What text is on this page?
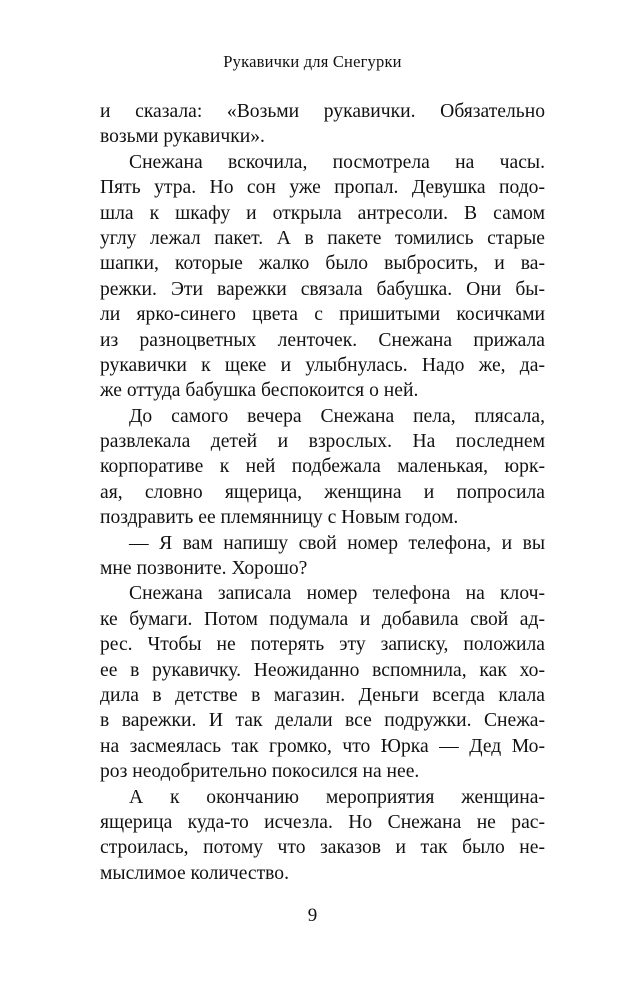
Рукавички для Снегурки
и сказала: «Возьми рукавички. Обязательно
возьми рукавички».
Снежана вскочила, посмотрела на часы.
Пять утра. Но сон уже пропал. Девушка подо-
шла к шкафу и открыла антресоли. В самом
углу лежал пакет. А в пакете томились старые
шапки, которые жалко было выбросить, и ва-
режки. Эти варежки связала бабушка. Они бы-
ли ярко-синего цвета с пришитыми косичками
из разноцветных ленточек. Снежана прижала
рукавички к щеке и улыбнулась. Надо же, да-
же оттуда бабушка беспокоится о ней.
До самого вечера Снежана пела, плясала,
развлекала детей и взрослых. На последнем
корпоративе к ней подбежала маленькая, юрк-
ая, словно ящерица, женщина и попросила
поздравить ее племянницу с Новым годом.
— Я вам напишу свой номер телефона, и вы
мне позвоните. Хорошо?
Снежана записала номер телефона на клоч-
ке бумаги. Потом подумала и добавила свой ад-
рес. Чтобы не потерять эту записку, положила
ее в рукавичку. Неожиданно вспомнила, как хо-
дила в детстве в магазин. Деньги всегда клала
в варежки. И так делали все подружки. Снежа-
на засмеялась так громко, что Юрка — Дед Мо-
роз неодобрительно покосился на нее.
А к окончанию мероприятия женщина-
ящерица куда-то исчезла. Но Снежана не рас-
строилась, потому что заказов и так было не-
мыслимое количество.
9
